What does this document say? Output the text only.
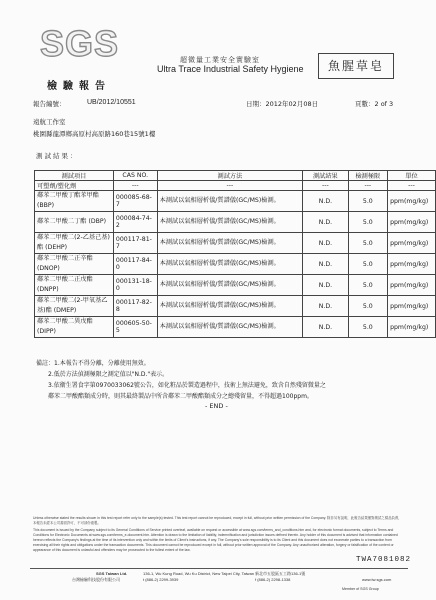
SGS	超微量工業安全實驗室
Ultra Trace Industrial Safety Hygiene	魚腥草皂
檢驗報告
報告編號：	UB/2012/10551	日期：2012年02月08日	頁數：2 of 3
遠航工作室
桃園縣龍潭鄉高原村高原路160巷15號1樓
測試結果：
測試項目	CAS NO.	測試方法	測試結果	檢測極限	單位
可塑劑/塑化劑	---	---	---	---	---
鄰苯二甲酸丁酯苯甲酯 (BBP)	000085-68-7	本測試以氣相層析儀/質譜儀(GC/MS)檢測。	N.D.	5.0	ppm(mg/kg)
鄰苯二甲酸二丁酯 (DBP)	000084-74-2	本測試以氣相層析儀/質譜儀(GC/MS)檢測。	N.D.	5.0	ppm(mg/kg)
鄰苯二甲酸二(2-乙基己基)酯 (DEHP)	000117-81-7	本測試以氣相層析儀/質譜儀(GC/MS)檢測。	N.D.	5.0	ppm(mg/kg)
鄰苯二甲酸二正辛酯 (DNOP)	000117-84-0	本測試以氣相層析儀/質譜儀(GC/MS)檢測。	N.D.	5.0	ppm(mg/kg)
鄰苯二甲酸二正戊酯 (DNPP)	000131-18-0	本測試以氣相層析儀/質譜儀(GC/MS)檢測。	N.D.	5.0	ppm(mg/kg)
鄰苯二甲酸二(2-甲氧基乙基)酯 (DMEP)	000117-82-8	本測試以氣相層析儀/質譜儀(GC/MS)檢測。	N.D.	5.0	ppm(mg/kg)
鄰苯二甲酸二異戊酯 (DIPP)	000605-50-5	本測試以氣相層析儀/質譜儀(GC/MS)檢測。	N.D.	5.0	ppm(mg/kg)
備註：1.本報告不得分離，分離使用無效。
2.低於方法偵測極限之測定值以"N.D."表示。
3.依衛生署食字第0970033062號公告，如化粧品於製造過程中，技術上無法避免，致含自然殘留微量之
鄰苯二甲酸酯類成分時，則其最終製品中所含鄰苯二甲酸酯類成分之總殘留量，不得超過100ppm。
- END -
Unless otherwise stated the results shown in this test report refer only to the sample(s) tested. This test report cannot be reproduced, except in full, without prior written permission of the Company. 除非另有說明，此報告結果僅對測試之樣品負責，本報告未經本公司書面許可，不可部份複製。
This document is issued by the Company subject to its General Conditions of Service printed overleaf, available on request or accessible at www.sgs.com/terms_and_conditions.htm and, for electronic format documents, subject to Terms and Conditions for Electronic Documents at www.sgs.com/terms_e-document.htm. Attention is drawn to the limitation of liability, indemnification and jurisdiction issues defined therein. Any holder of this document is advised that information contained hereon reflects the Company's findings at the time of its intervention only and within the limits of Client's instructions, if any. The Company's sole responsibility is to its Client and this document does not exonerate parties to a transaction from exercising all their rights and obligations under the transaction documents. This document cannot be reproduced except in full, without prior written approval of the Company. Any unauthorized alteration, forgery or falsification of the content or appearance of this document is unlawful and offenders may be prosecuted to the fullest extent of the law.
TWA7081082
SGS Taiwan Ltd.
台灣檢驗科技股份有限公司
136-1, Wu Kung Road, Wu Ku District, New Taipei City, Taiwan
t (886-2) 2299-3939
新北市五股區五工路136-1號
f (886-2) 2298-1338	www.tw.sgs.com
Member of SGS Group
